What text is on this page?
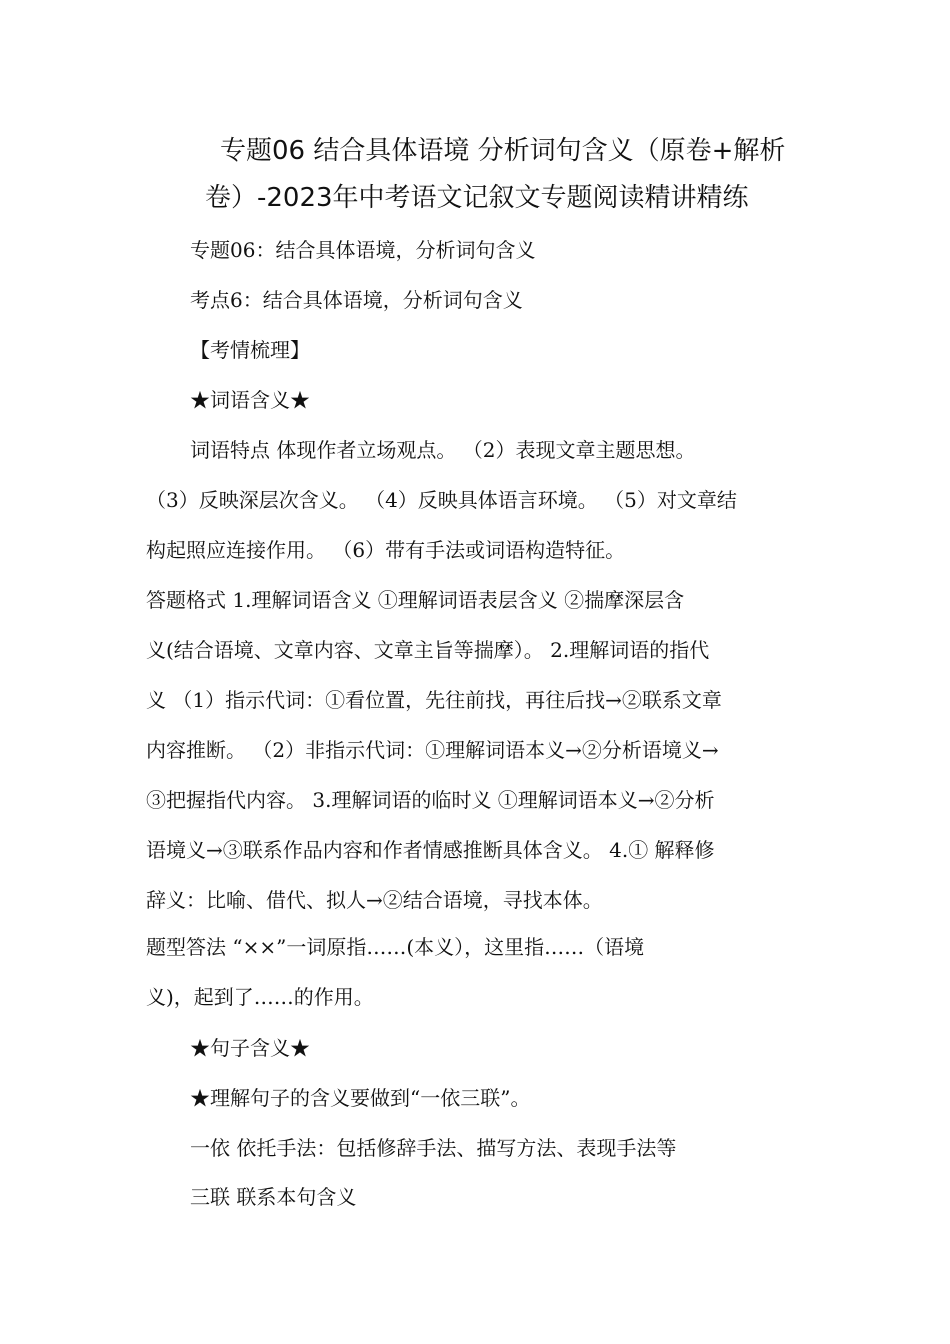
专题06 结合具体语境 分析词句含义（原卷+解析
卷）-2023年中考语文记叙文专题阅读精讲精练
专题06：结合具体语境，分析词句含义
考点6：结合具体语境，分析词句含义
【考情梳理】
★词语含义★
词语特点 体现作者立场观点。 （2）表现文章主题思想。
（3）反映深层次含义。 （4）反映具体语言环境。 （5）对文章结
构起照应连接作用。 （6）带有手法或词语构造特征。
答题格式 1.理解词语含义 ①理解词语表层含义 ②揣摩深层含
义(结合语境、文章内容、文章主旨等揣摩）。 2.理解词语的指代
义 （1）指示代词：①看位置，先往前找，再往后找→②联系文章
内容推断。 （2）非指示代词：①理解词语本义→②分析语境义→
③把握指代内容。 3.理解词语的临时义 ①理解词语本义→②分析
语境义→③联系作品内容和作者情感推断具体含义。 4.① 解释修
辞义：比喻、借代、拟人→②结合语境，寻找本体。
题型答法 “××”一词原指……(本义），这里指……（语境
义)，起到了……的作用。
★句子含义★
★理解句子的含义要做到“一依三联”。
一依 依托手法：包括修辞手法、描写方法、表现手法等
三联 联系本句含义
